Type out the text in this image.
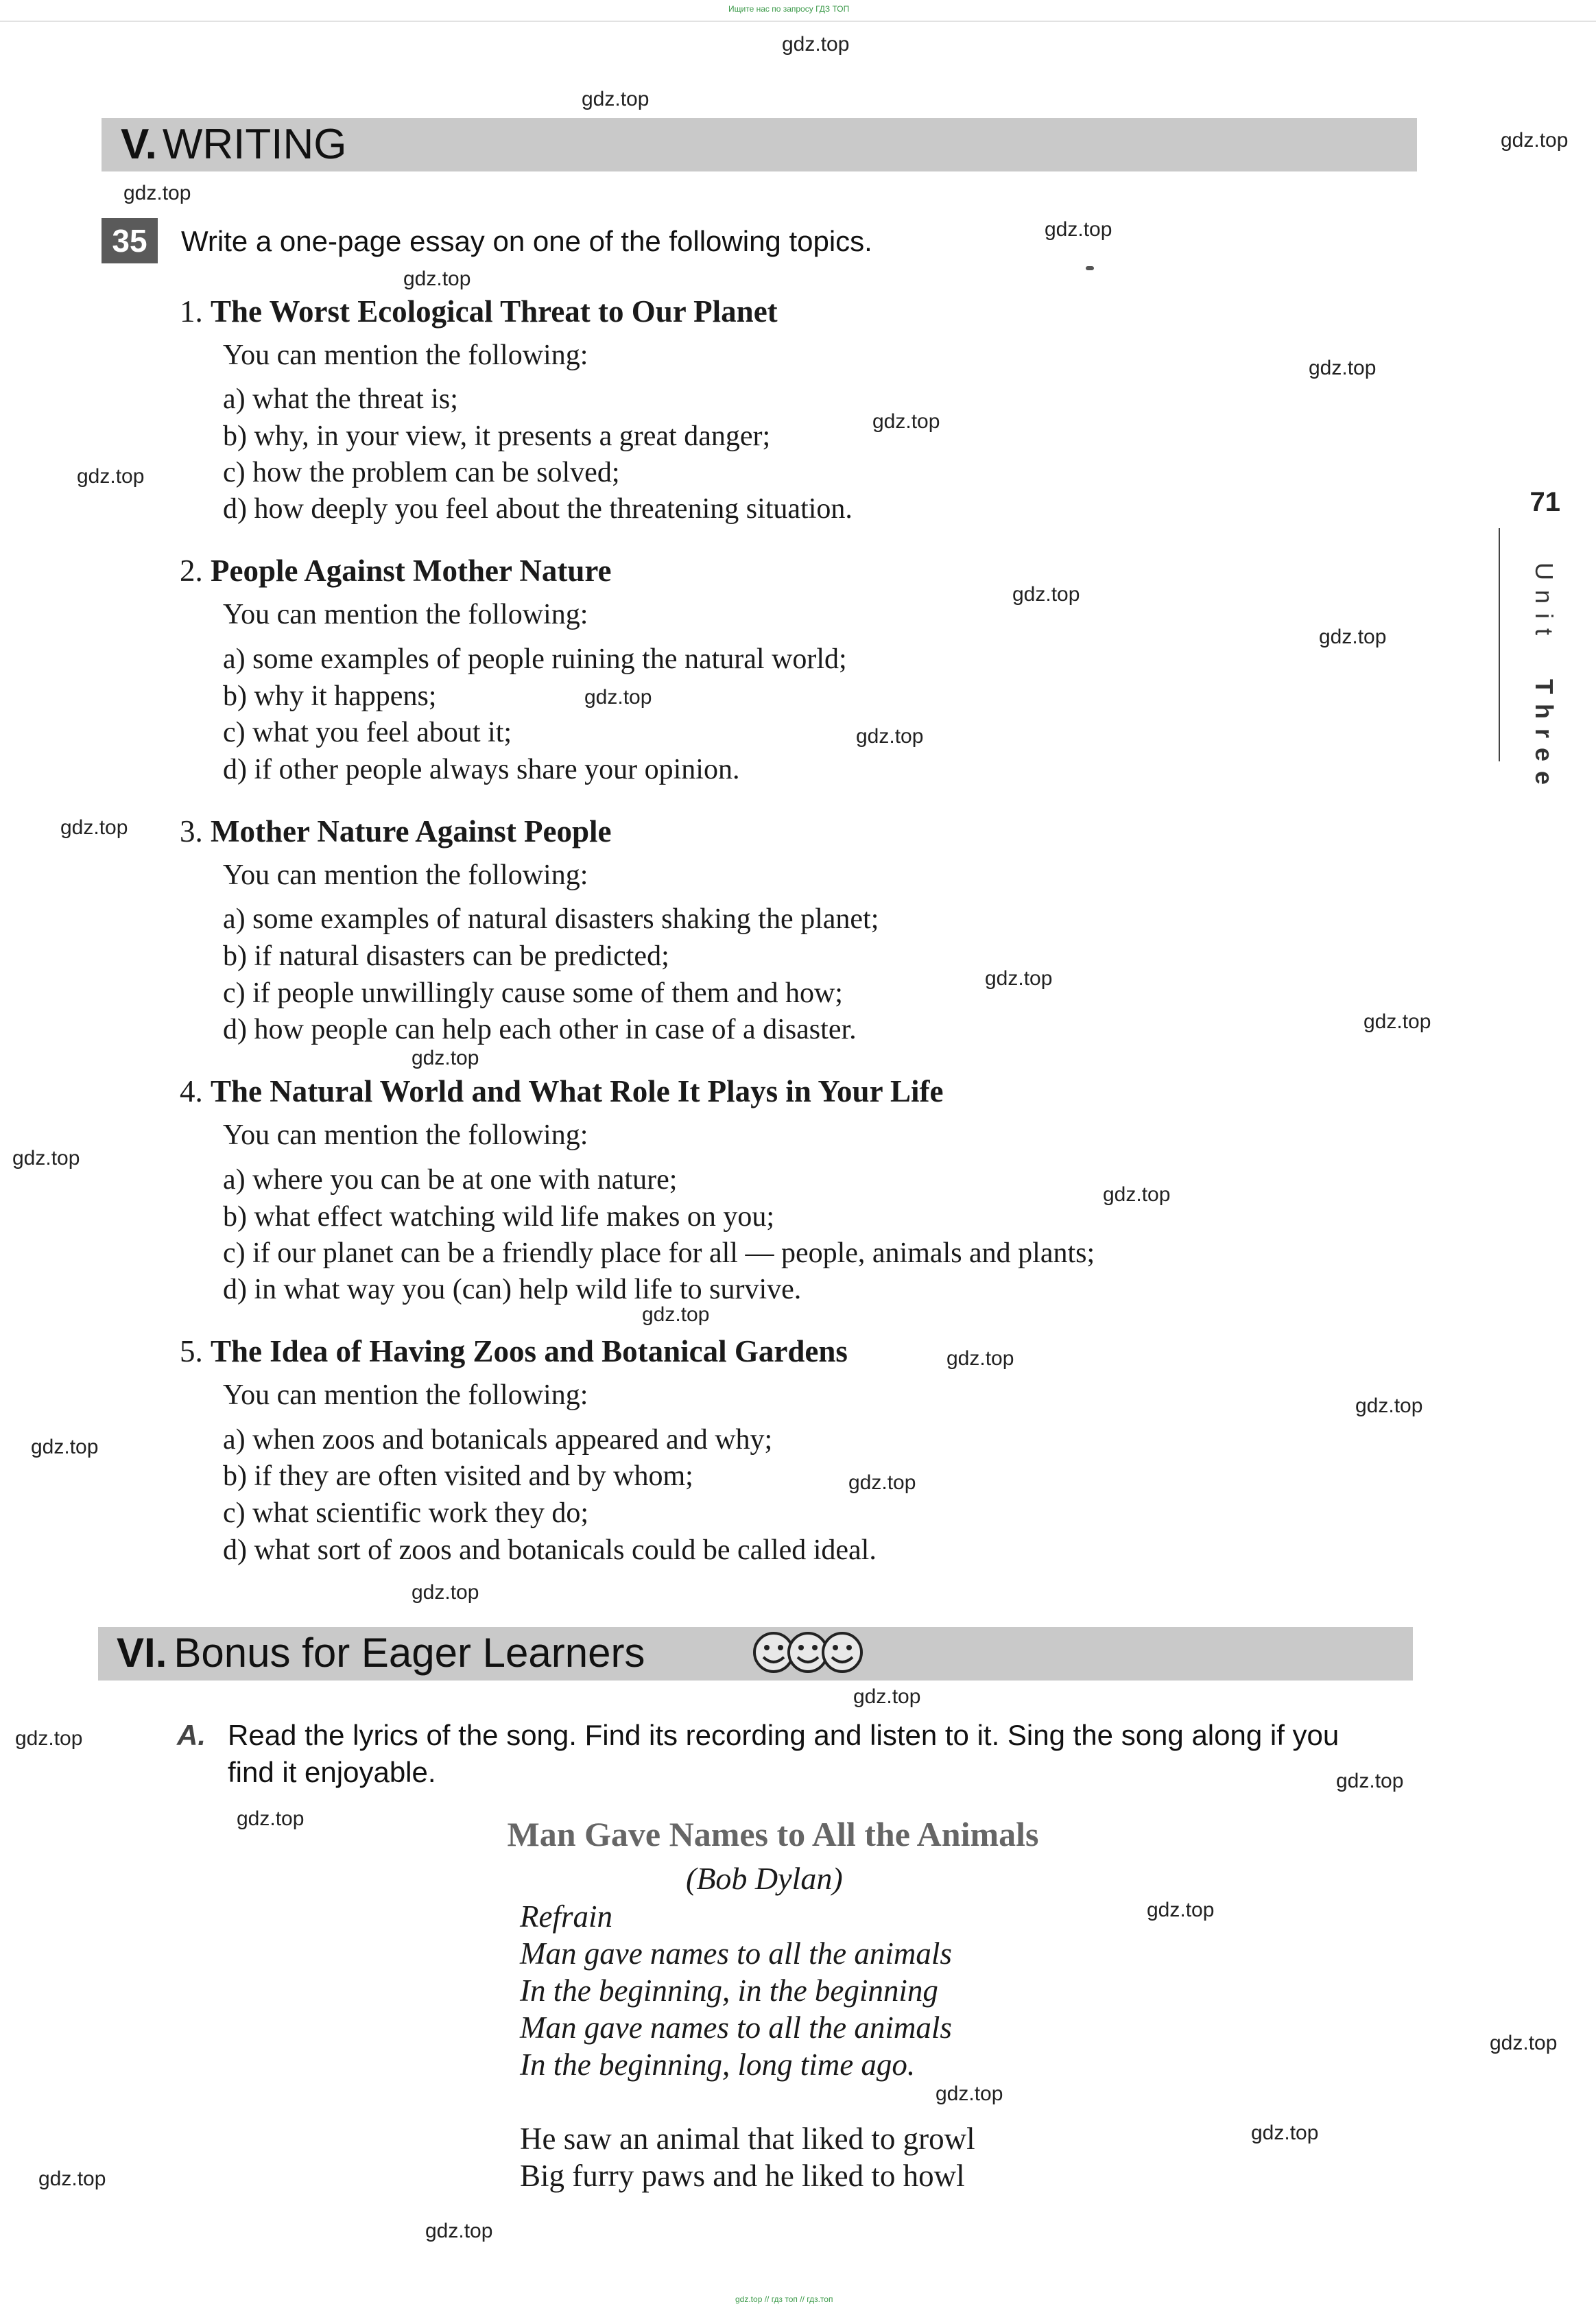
Ищите нас по запросу ГДЗ ТОП
gdz.top
gdz.top
gdz.top
gdz.top
gdz.top
gdz.top
gdz.top
gdz.top
gdz.top
gdz.top
gdz.top
gdz.top
gdz.top
gdz.top
gdz.top
gdz.top
gdz.top
gdz.top
gdz.top
gdz.top
gdz.top
gdz.top
gdz.top
gdz.top
gdz.top
gdz.top
gdz.top
gdz.top
gdz.top
gdz.top
gdz.top
gdz.top
gdz.top
gdz.top
gdz.top
71
Unit Three
V. WRITING
35	Write a one-page essay on one of the following topics.
1. The Worst Ecological Threat to Our Planet
You can mention the following:
a) what the threat is;
b) why, in your view, it presents a great danger;
c) how the problem can be solved;
d) how deeply you feel about the threatening situation.
2. People Against Mother Nature
You can mention the following:
a) some examples of people ruining the natural world;
b) why it happens;
c) what you feel about it;
d) if other people always share your opinion.
3. Mother Nature Against People
You can mention the following:
a) some examples of natural disasters shaking the planet;
b) if natural disasters can be predicted;
c) if people unwillingly cause some of them and how;
d) how people can help each other in case of a disaster.
4. The Natural World and What Role It Plays in Your Life
You can mention the following:
a) where you can be at one with nature;
b) what effect watching wild life makes on you;
c) if our planet can be a friendly place for all — people, animals and plants;
d) in what way you (can) help wild life to survive.
5. The Idea of Having Zoos and Botanical Gardens
You can mention the following:
a) when zoos and botanicals appeared and why;
b) if they are often visited and by whom;
c) what scientific work they do;
d) what sort of zoos and botanicals could be called ideal.
VI. Bonus for Eager Learners
A. Read the lyrics of the song. Find its recording and listen to it. Sing the song along if you
find it enjoyable.
Man Gave Names to All the Animals
(Bob Dylan)
Refrain
Man gave names to all the animals
In the beginning, in the beginning
Man gave names to all the animals
In the beginning, long time ago.
He saw an animal that liked to growl
Big furry paws and he liked to howl
gdz.top // гдз топ // гдз.топ
